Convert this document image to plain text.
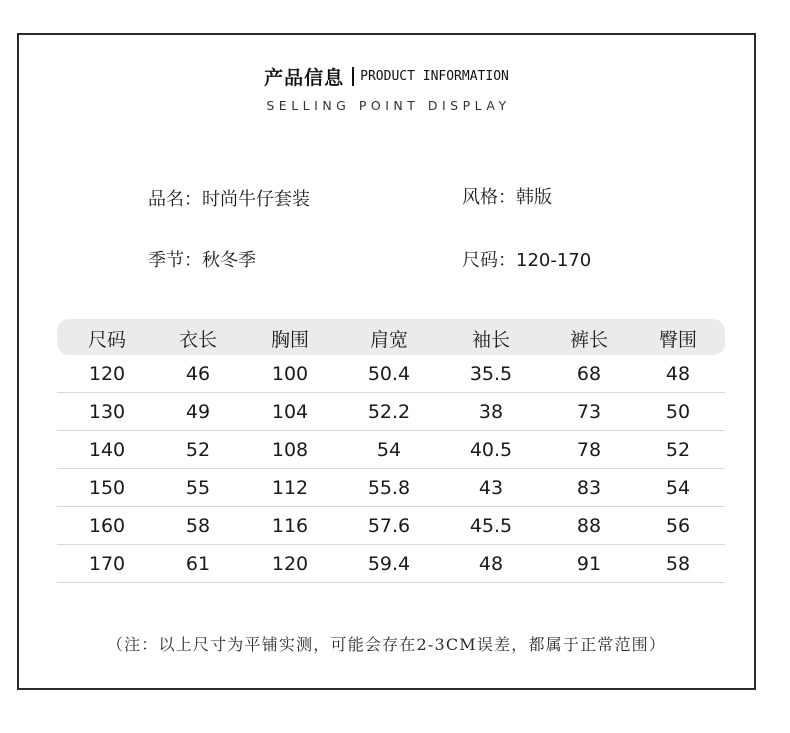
产品信息 PRODUCT INFORMATION
SELLING POINT DISPLAY
品名：时尚牛仔套装	风格：韩版
季节：秋冬季	尺码：120-170
尺码	衣长	胸围	肩宽	袖长	裤长	臀围
120	46	100	50.4	35.5	68	48
130	49	104	52.2	38	73	50
140	52	108	54	40.5	78	52
150	55	112	55.8	43	83	54
160	58	116	57.6	45.5	88	56
170	61	120	59.4	48	91	58
（注：以上尺寸为平铺实测，可能会存在2-3CM误差，都属于正常范围）
